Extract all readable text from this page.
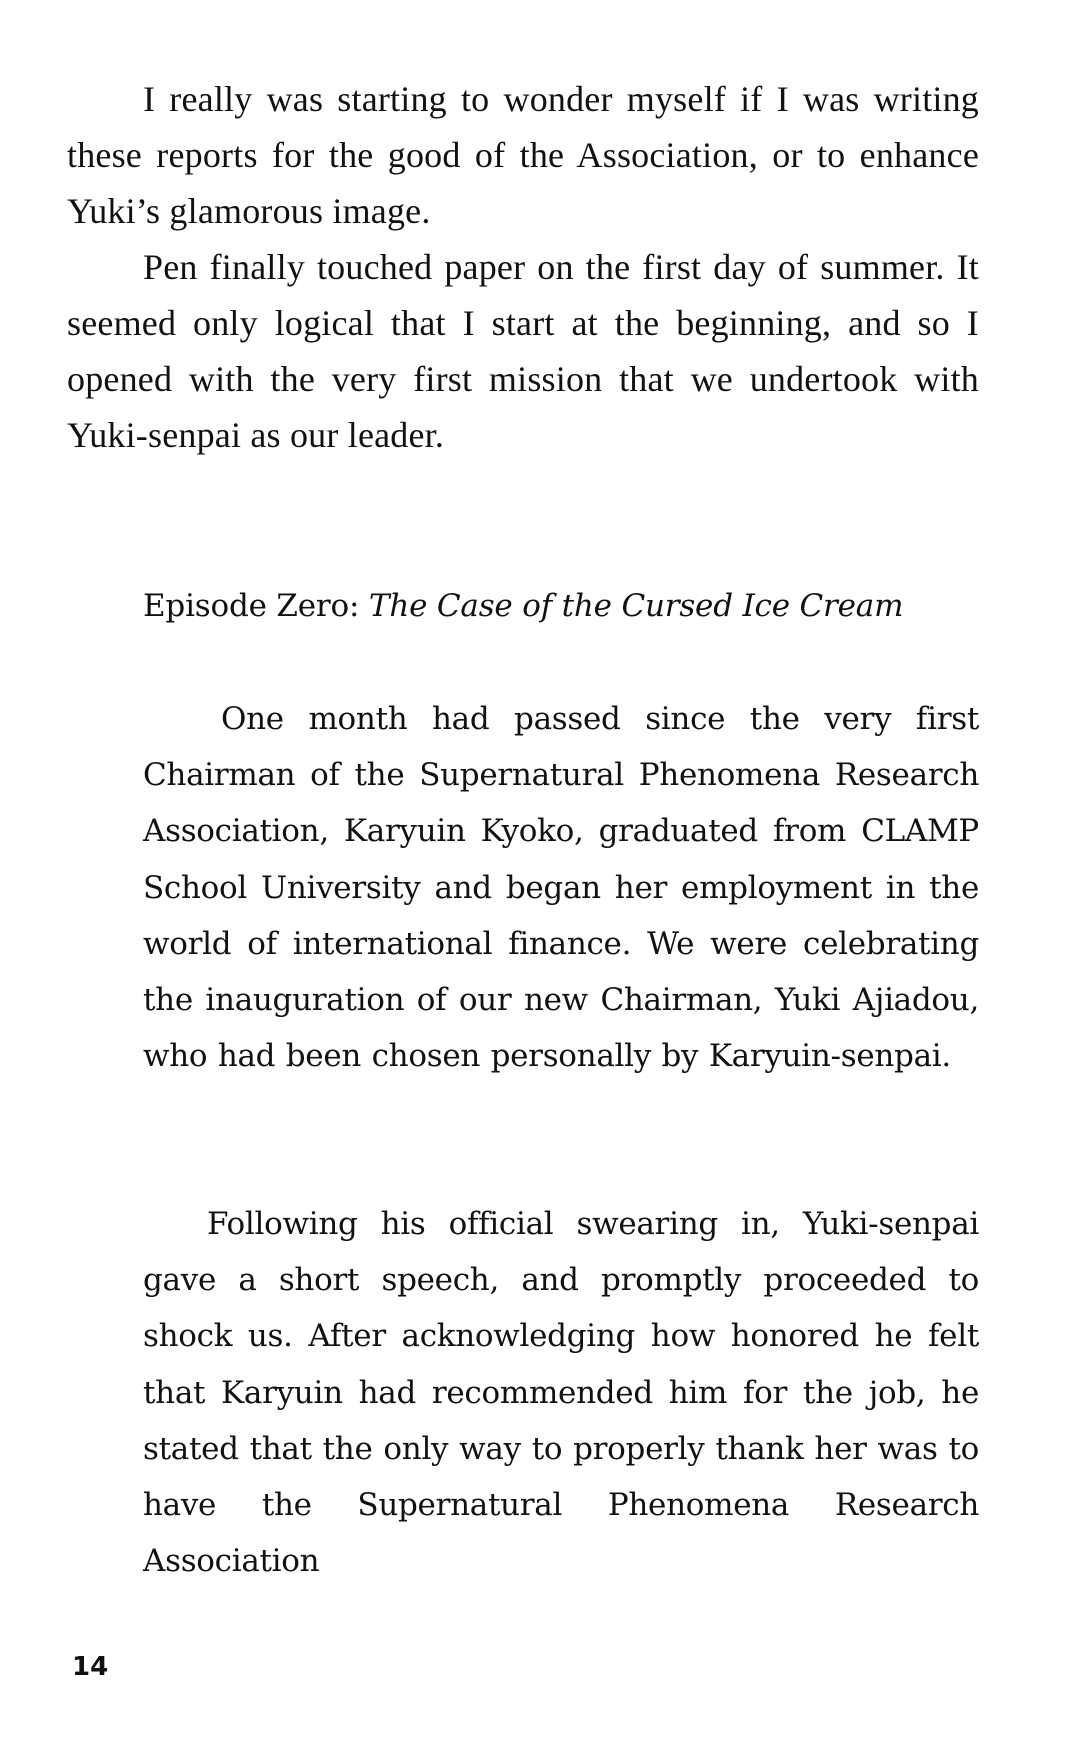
I really was starting to wonder myself if I was writing these reports for the good of the Association, or to enhance Yuki’s glamorous image.

Pen finally touched paper on the first day of summer. It seemed only logical that I start at the beginning, and so I opened with the very first mission that we undertook with Yuki-senpai as our leader.

Episode Zero: The Case of the Cursed Ice Cream

One month had passed since the very first Chairman of the Supernatural Phenomena Research Association, Karyuin Kyoko, graduated from CLAMP School University and began her employment in the world of international finance. We were celebrating the inauguration of our new Chairman, Yuki Ajiadou, who had been chosen personally by Karyuin-senpai.

Following his official swearing in, Yuki-senpai gave a short speech, and promptly proceeded to shock us. After acknowledging how honored he felt that Karyuin had recommended him for the job, he stated that the only way to properly thank her was to have the Supernatural Phenomena Research Association

14
